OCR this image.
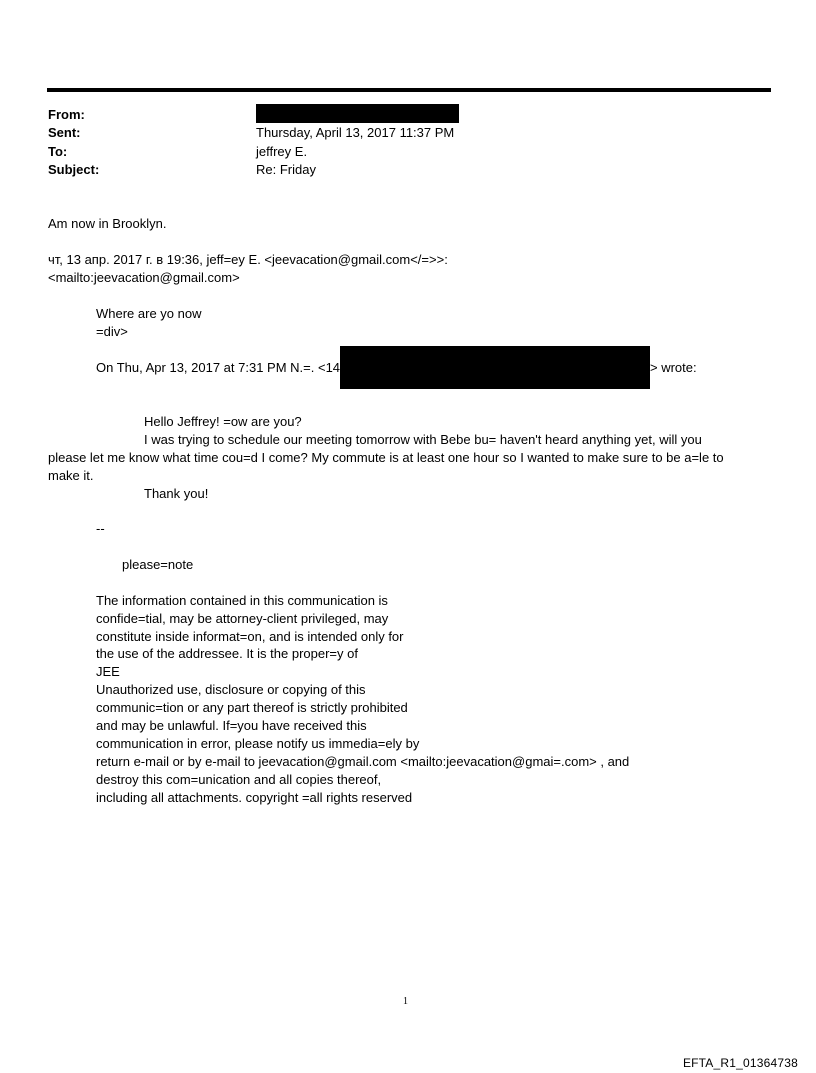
From:
Sent:	Thursday, April 13, 2017 11:37 PM
To:	jeffrey E.
Subject:	Re: Friday
Am now in Brooklyn.
чт, 13 апр. 2017 г. в 19:36, jeff=ey E. <jeevacation@gmail.com</=>>:
<mailto:jeevacation@gmail.com>
Where are yo now
=div>
On Thu, Apr 13, 2017 at 7:31 PM N.=. <14	> wrote:
Hello Jeffrey! =ow are you?
I was trying to schedule our meeting tomorrow with Bebe bu= haven't heard anything yet, will you
please let me know what time cou=d I come? My commute is at least one hour so I wanted to make sure to be a=le to
make it.
Thank you!
--
please=note
The information contained in this communication is
confide=tial, may be attorney-client privileged, may
constitute inside informat=on, and is intended only for
the use of the addressee. It is the proper=y of
JEE
Unauthorized use, disclosure or copying of this
communic=tion or any part thereof is strictly prohibited
and may be unlawful. If=you have received this
communication in error, please notify us immedia=ely by
return e-mail or by e-mail to jeevacation@gmail.com <mailto:jeevacation@gmai=.com> , and
destroy this com=unication and all copies thereof,
including all attachments. copyright =all rights reserved
1
EFTA_R1_01364738
